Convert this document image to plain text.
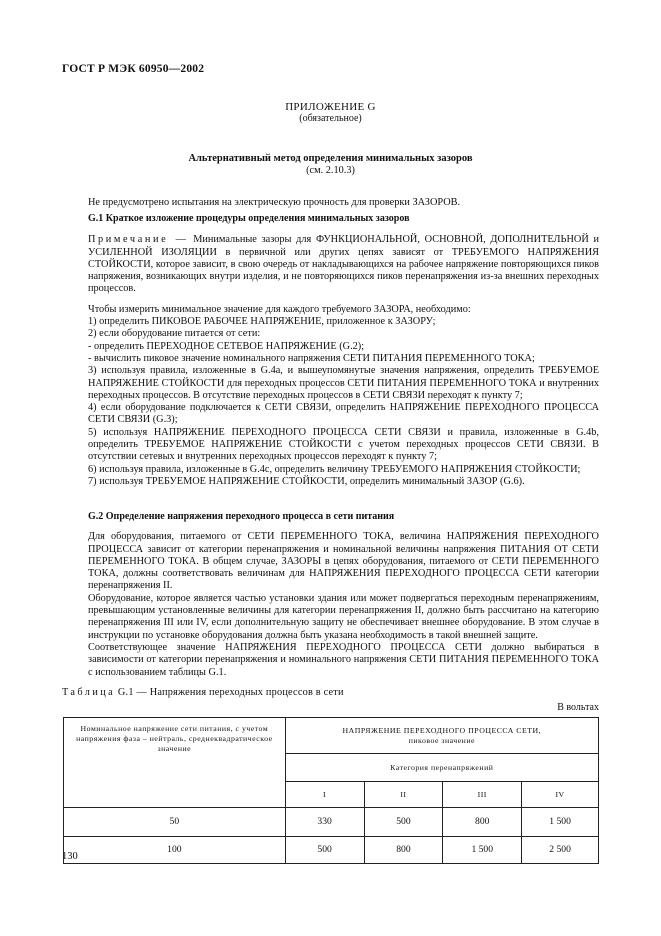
ГОСТ Р МЭК 60950—2002
ПРИЛОЖЕНИЕ G
(обязательное)
Альтернативный метод определения минимальных зазоров
(см. 2.10.3)

Не предусмотрено испытания на электрическую прочность для проверки ЗАЗОРОВ.

G.1 Краткое изложение процедуры определения минимальных зазоров

Примечание — Минимальные зазоры для ФУНКЦИОНАЛЬНОЙ, ОСНОВНОЙ, ДОПОЛНИТЕЛЬНОЙ и УСИЛЕННОЙ ИЗОЛЯЦИИ в первичной или других цепях зависят от ТРЕБУЕМОГО НАПРЯЖЕНИЯ СТОЙКОСТИ, которое зависит, в свою очередь от накладывающихся на рабочее напряжение повторяющихся пиков напряжения, возникающих внутри изделия, и не повторяющихся пиков перенапряжения из-за внешних переходных процессов.

Чтобы измерить минимальное значение для каждого требуемого ЗАЗОРА, необходимо:

1) определить ПИКОВОЕ РАБОЧЕЕ НАПРЯЖЕНИЕ, приложенное к ЗАЗОРУ;

2) если оборудование питается от сети:

- определить ПЕРЕХОДНОЕ СЕТЕВОЕ НАПРЯЖЕНИЕ (G.2);

- вычислить пиковое значение номинального напряжения СЕТИ ПИТАНИЯ ПЕРЕМЕННОГО ТОКА;

3) используя правила, изложенные в G.4a, и вышеупомянутые значения напряжения, определить ТРЕБУЕМОЕ НАПРЯЖЕНИЕ СТОЙКОСТИ для переходных процессов СЕТИ ПИТАНИЯ ПЕРЕМЕННОГО ТОКА и внутренних переходных процессов. В отсутствие переходных процессов в СЕТИ СВЯЗИ переходят к пункту 7;

4) если оборудование подключается к СЕТИ СВЯЗИ, определить НАПРЯЖЕНИЕ ПЕРЕХОДНОГО ПРОЦЕССА СЕТИ СВЯЗИ (G.3);

5) используя НАПРЯЖЕНИЕ ПЕРЕХОДНОГО ПРОЦЕССА СЕТИ СВЯЗИ и правила, изложенные в G.4b, определить ТРЕБУЕМОЕ НАПРЯЖЕНИЕ СТОЙКОСТИ с учетом переходных процессов СЕТИ СВЯЗИ. В отсутствии сетевых и внутренних переходных процессов переходят к пункту 7;

6) используя правила, изложенные в G.4c, определить величину ТРЕБУЕМОГО НАПРЯЖЕНИЯ СТОЙКОСТИ;

7) используя ТРЕБУЕМОЕ НАПРЯЖЕНИЕ СТОЙКОСТИ, определить минимальный ЗАЗОР (G.6).

G.2 Определение напряжения переходного процесса в сети питания

Для оборудования, питаемого от СЕТИ ПЕРЕМЕННОГО ТОКА, величина НАПРЯЖЕНИЯ ПЕРЕХОДНОГО ПРОЦЕССА зависит от категории перенапряжения и номинальной величины напряжения ПИТАНИЯ ОТ СЕТИ ПЕРЕМЕННОГО ТОКА. В общем случае, ЗАЗОРЫ в цепях оборудования, питаемого от СЕТИ ПЕРЕМЕННОГО ТОКА, должны соответствовать величинам для НАПРЯЖЕНИЯ ПЕРЕХОДНОГО ПРОЦЕССА СЕТИ категории перенапряжения II.

Оборудование, которое является частью установки здания или может подвергаться переходным перенапряжениям, превышающим установленные величины для категории перенапряжения II, должно быть рассчитано на категорию перенапряжения III или IV, если дополнительную защиту не обеспечивает внешнее оборудование. В этом случае в инструкции по установке оборудования должна быть указана необходимость в такой внешней защите.

Соответствующее значение НАПРЯЖЕНИЯ ПЕРЕХОДНОГО ПРОЦЕССА СЕТИ должно выбираться в зависимости от категории перенапряжения и номинального напряжения СЕТИ ПИТАНИЯ ПЕРЕМЕННОГО ТОКА с использованием таблицы G.1.

Таблица G.1 — Напряжения переходных процессов в сети
В вольтах
Номинальное напряжение сети питания, с учетом напряжения фаза – нейтраль, среднеквадратическое значение	НАПРЯЖЕНИЕ ПЕРЕХОДНОГО ПРОЦЕССА СЕТИ,
пиковое значение			

	Категория перенапряжений			
	I	II	III	IV
50	330	500	800	1 500
100	500	800	1 500	2 500
130
